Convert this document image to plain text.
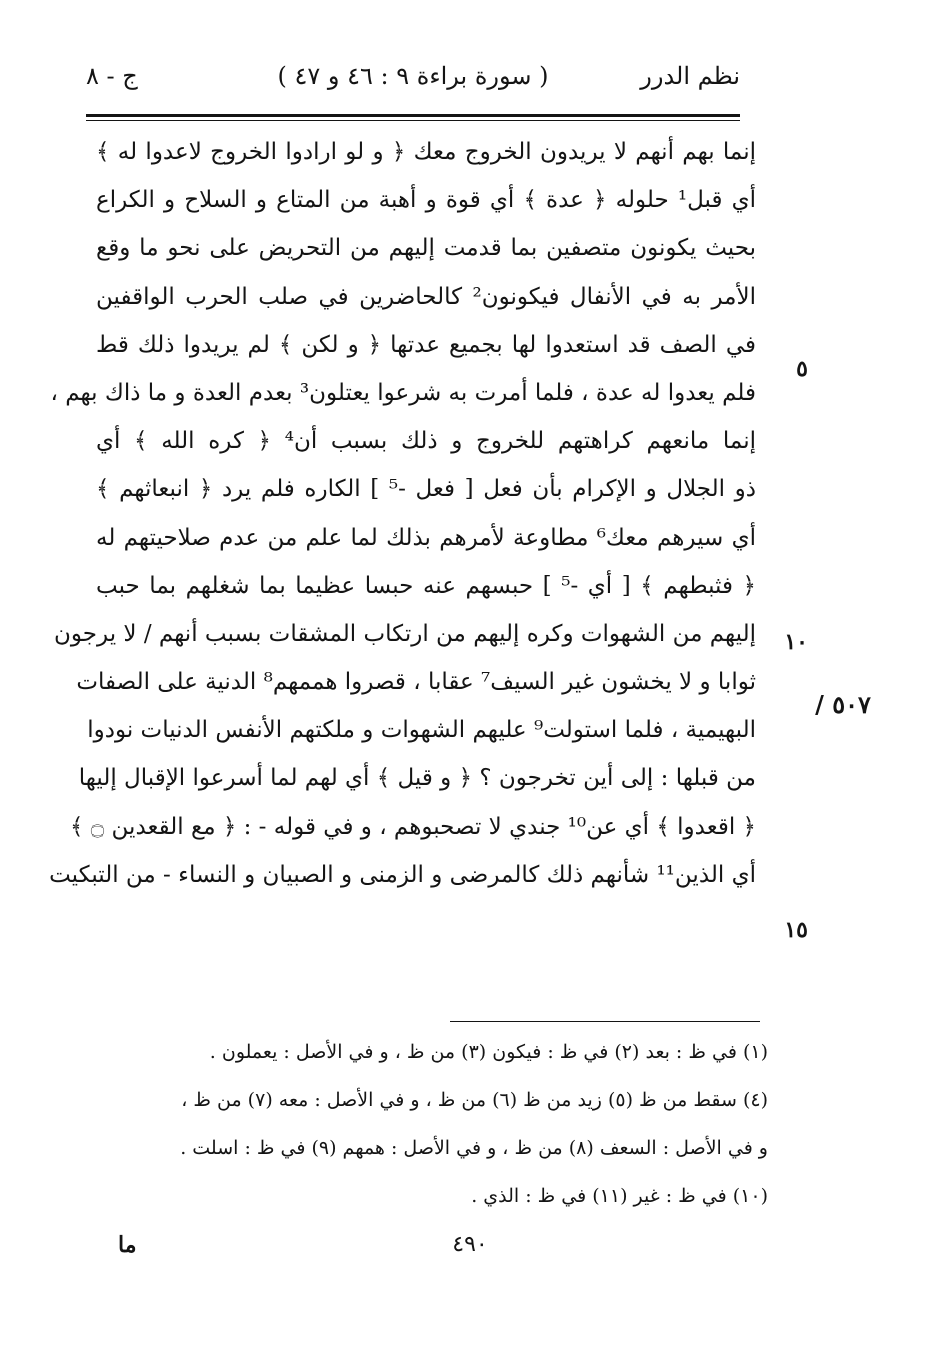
نظم الدرر
( سورة براءة ٩ : ٤٦ و ٤٧ )
ج - ٨
إنما بهم أنهم لا يريدون الخروج معك ﴿ و لو ارادوا الخروج لاعدوا له ﴾
أي قبل¹ حلوله ﴿ عدة ﴾ أي قوة و أهبة من المتاع و السلاح و الكراع
بحيث يكونون متصفين بما قدمت إليهم من التحريض على نحو ما وقع
الأمر به في الأنفال فيكونون² كالحاضرين في صلب الحرب الواقفين
في الصف قد استعدوا لها بجميع عدتها ﴿ و لكن ﴾ لم يريدوا ذلك قط
فلم يعدوا له عدة ، فلما أمرت به شرعوا يعتلون³ بعدم العدة و ما ذاك بهم ،
إنما مانعهم كراهتهم للخروج و ذلك بسبب أن⁴ ﴿ كره الله ﴾ أي
ذو الجلال و الإكرام بأن فعل [ فعل -⁵ ] الكاره فلم يرد ﴿ انبعاثهم ﴾
أي سيرهم معك⁶ مطاوعة لأمرهم بذلك لما علم من عدم صلاحيتهم له
﴿ فثبطهم ﴾ [ أي -⁵ ] حبسهم عنه حبسا عظيما بما شغلهم بما حبب
إليهم من الشهوات وكره إليهم من ارتكاب المشقات بسبب أنهم / لا يرجون
ثوابا و لا يخشون غير السيف⁷ عقابا ، قصروا هممهم⁸ الدنية على الصفات
البهيمية ، فلما استولت⁹ عليهم الشهوات و ملكتهم الأنفس الدنيات نودوا
من قبلها : إلى أين تخرجون ؟ ﴿ و قيل ﴾ أي لهم لما أسرعوا الإقبال إليها
﴿ اقعدوا ﴾ أي عن¹⁰ جندي لا تصحبوهم ، و في قوله - : ﴿ مع القعدين ۝ ﴾
أي الذين¹¹ شأنهم ذلك كالمرضى و الزمنى و الصبيان و النساء - من التبكيت
٥
١٠
١٥
٥٠٧ /
(١) في ظ : بعد (٢) في ظ : فيكون (٣) من ظ ، و في الأصل : يعملون .
(٤) سقط من ظ (٥) زيد من ظ (٦) من ظ ، و في الأصل : معه (٧) من ظ ،
و في الأصل : السعف (٨) من ظ ، و في الأصل : همهم (٩) في ظ : اسلت .
(١٠) في ظ : غير (١١) في ظ : الذي .
٤٩٠
ما
